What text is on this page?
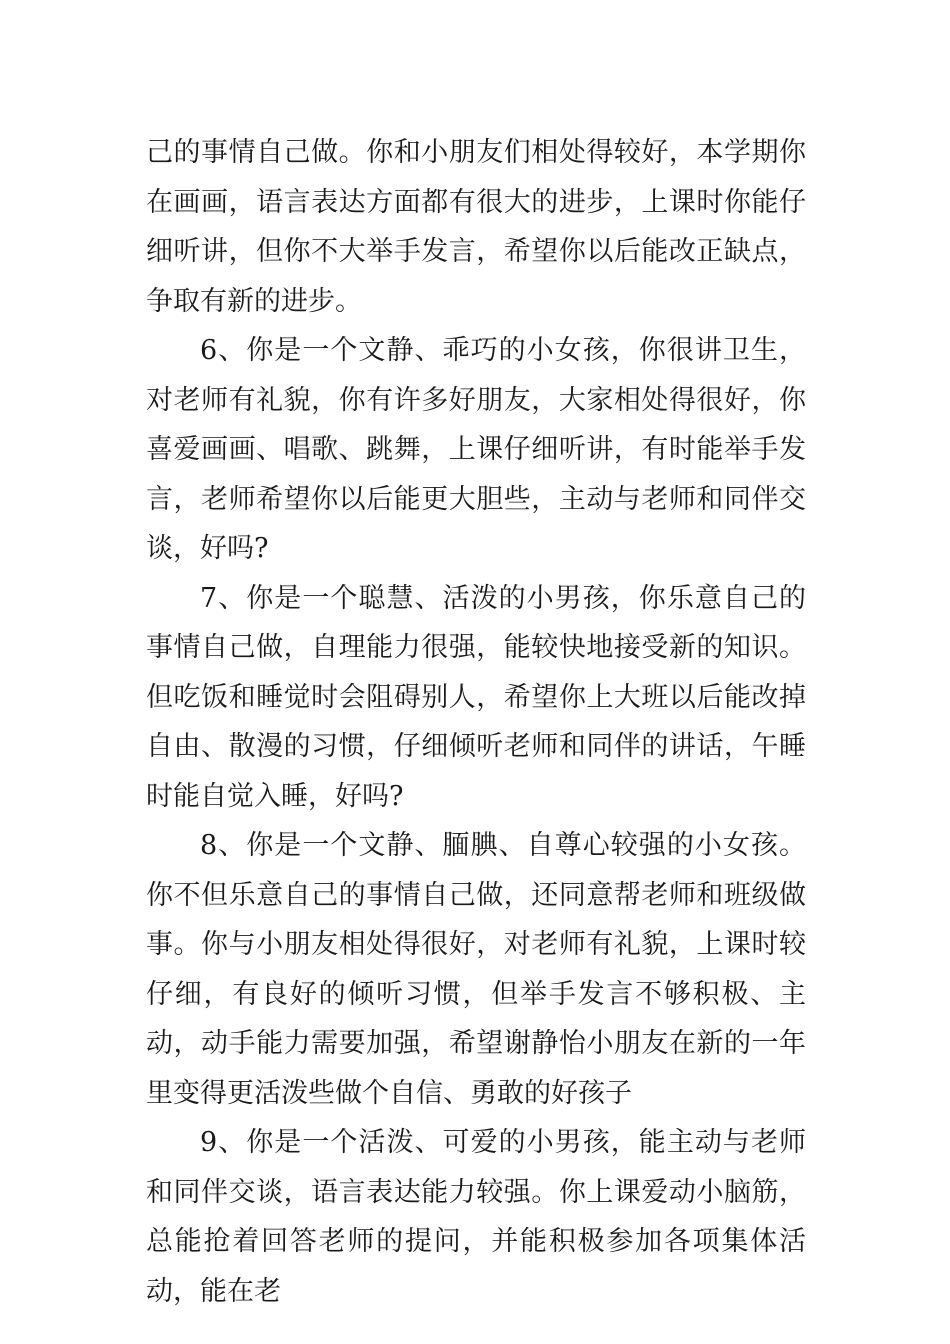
己的事情自己做。你和小朋友们相处得较好，本学期你在画画，语言表达方面都有很大的进步，上课时你能仔细听讲，但你不大举手发言，希望你以后能改正缺点，争取有新的进步。

6、你是一个文静、乖巧的小女孩，你很讲卫生，对老师有礼貌，你有许多好朋友，大家相处得很好，你喜爱画画、唱歌、跳舞，上课仔细听讲，有时能举手发言，老师希望你以后能更大胆些，主动与老师和同伴交谈，好吗?

7、你是一个聪慧、活泼的小男孩，你乐意自己的事情自己做，自理能力很强，能较快地接受新的知识。但吃饭和睡觉时会阻碍别人，希望你上大班以后能改掉自由、散漫的习惯，仔细倾听老师和同伴的讲话，午睡时能自觉入睡，好吗?

8、你是一个文静、腼腆、自尊心较强的小女孩。你不但乐意自己的事情自己做，还同意帮老师和班级做事。你与小朋友相处得很好，对老师有礼貌，上课时较仔细，有良好的倾听习惯，但举手发言不够积极、主动，动手能力需要加强，希望谢静怡小朋友在新的一年里变得更活泼些做个自信、勇敢的好孩子

9、你是一个活泼、可爱的小男孩，能主动与老师和同伴交谈，语言表达能力较强。你上课爱动小脑筋，总能抢着回答老师的提问，并能积极参加各项集体活动，能在老
